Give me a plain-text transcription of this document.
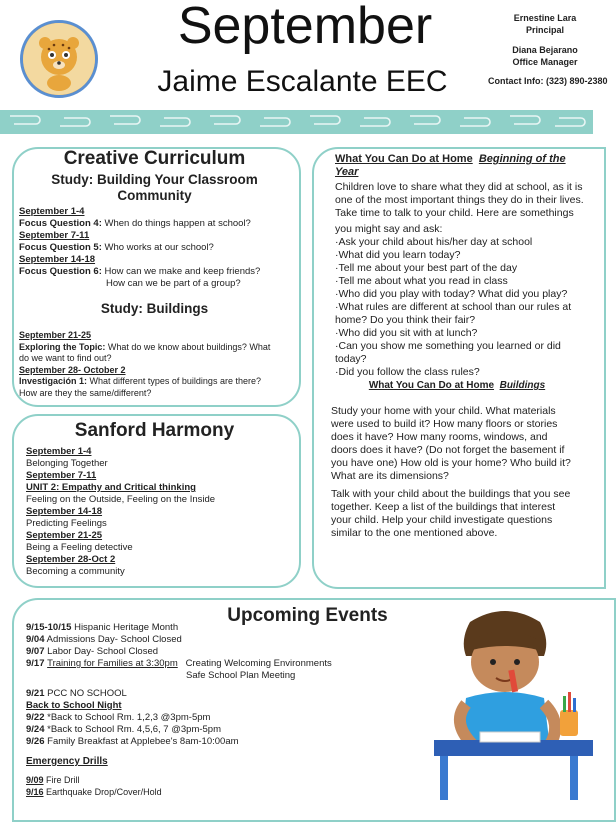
September
Jaime Escalante EEC
Ernestine Lara
Principal
Diana Bejarano
Office Manager
Contact Info: (323) 890-2380
Creative Curriculum
Study: Building Your Classroom
Community
September 1-4
Focus Question 4: When do things happen at school?
September 7-11
Focus Question 5: Who works at our school?
September 14-18
Focus Question 6: How can we make and keep friends?
How can we be part of a group?
Study: Buildings
September 21-25
Exploring the Topic: What do we know about buildings? What
do we want to find out?
September 28- October 2
Investigación 1: What different types of buildings are there?
How are they the same/different?
Sanford Harmony
September 1-4
Belonging Together
September 7-11
UNIT 2: Empathy and Critical thinking
Feeling on the Outside, Feeling on the Inside
September 14-18
Predicting Feelings
September 21-25
Being a Feeling detective
September 28-Oct 2
Becoming a community
What You Can Do at Home Beginning of the
Year
Children love to share what they did at school, as it is
one of the most important things they do in their lives.
Take time to talk to your child. Here are somethings
you might say and ask:
·Ask your child about his/her day at school
·What did you learn today?
·Tell me about your best part of the day
·Tell me about what you read in class
·Who did you play with today? What did you play?
·What rules are different at school than our rules at
home? Do you think their fair?
·Who did you sit with at lunch?
·Can you show me something you learned or did
today?
·Did you follow the class rules?
What You Can Do at Home Buildings
Study your home with your child. What materials
were used to build it? How many floors or stories
does it have? How many rooms, windows, and
doors does it have? (Do not forget the basement if
you have one) How old is your home? Who build it?
What are its dimensions?
Talk with your child about the buildings that you see
together. Keep a list of the buildings that interest
your child. Help your child investigate questions
similar to the one mentioned above.
Upcoming Events
9/15-10/15 Hispanic Heritage Month
9/04 Admissions Day- School Closed
9/07 Labor Day- School Closed
9/17 Training for Families at 3:30pm Creating Welcoming Environments
Safe School Plan Meeting
9/21 PCC NO SCHOOL
Back to School Night
9/22 *Back to School Rm. 1,2,3 @3pm-5pm
9/24 *Back to School Rm. 4,5,6, 7 @3pm-5pm
9/26 Family Breakfast at Applebee's 8am-10:00am
Emergency Drills
9/09 Fire Drill
9/16 Earthquake Drop/Cover/Hold
